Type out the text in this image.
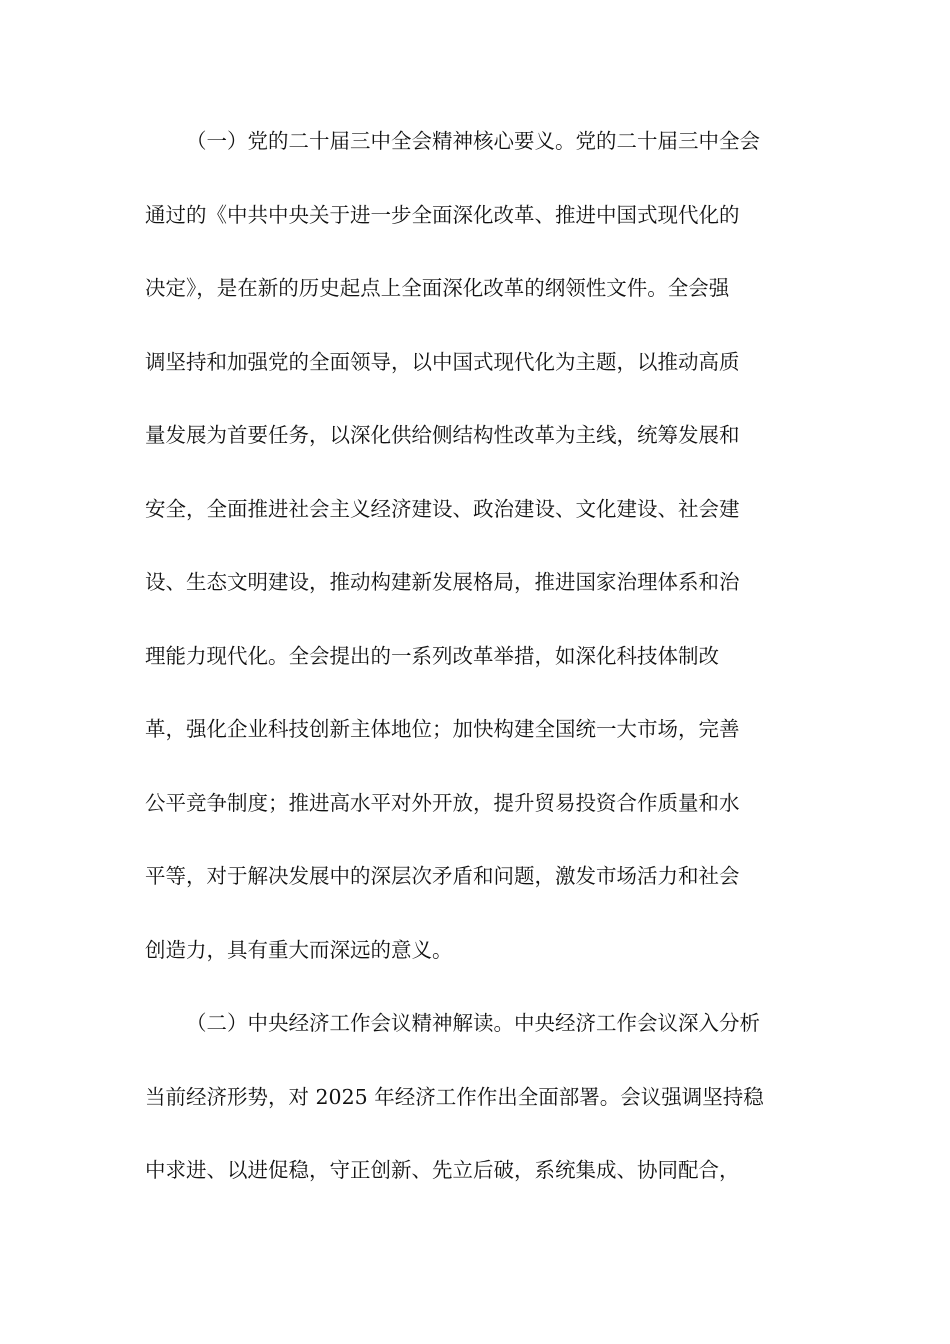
（一）党的二十届三中全会精神核心要义。党的二十届三中全会
通过的《中共中央关于进一步全面深化改革、推进中国式现代化的
决定》，是在新的历史起点上全面深化改革的纲领性文件。全会强
调坚持和加强党的全面领导，以中国式现代化为主题，以推动高质
量发展为首要任务，以深化供给侧结构性改革为主线，统筹发展和
安全，全面推进社会主义经济建设、政治建设、文化建设、社会建
设、生态文明建设，推动构建新发展格局，推进国家治理体系和治
理能力现代化。全会提出的一系列改革举措，如深化科技体制改
革，强化企业科技创新主体地位；加快构建全国统一大市场，完善
公平竞争制度；推进高水平对外开放，提升贸易投资合作质量和水
平等，对于解决发展中的深层次矛盾和问题，激发市场活力和社会
创造力，具有重大而深远的意义。

（二）中央经济工作会议精神解读。中央经济工作会议深入分析
当前经济形势，对 2025 年经济工作作出全面部署。会议强调坚持稳
中求进、以进促稳，守正创新、先立后破，系统集成、协同配合，
